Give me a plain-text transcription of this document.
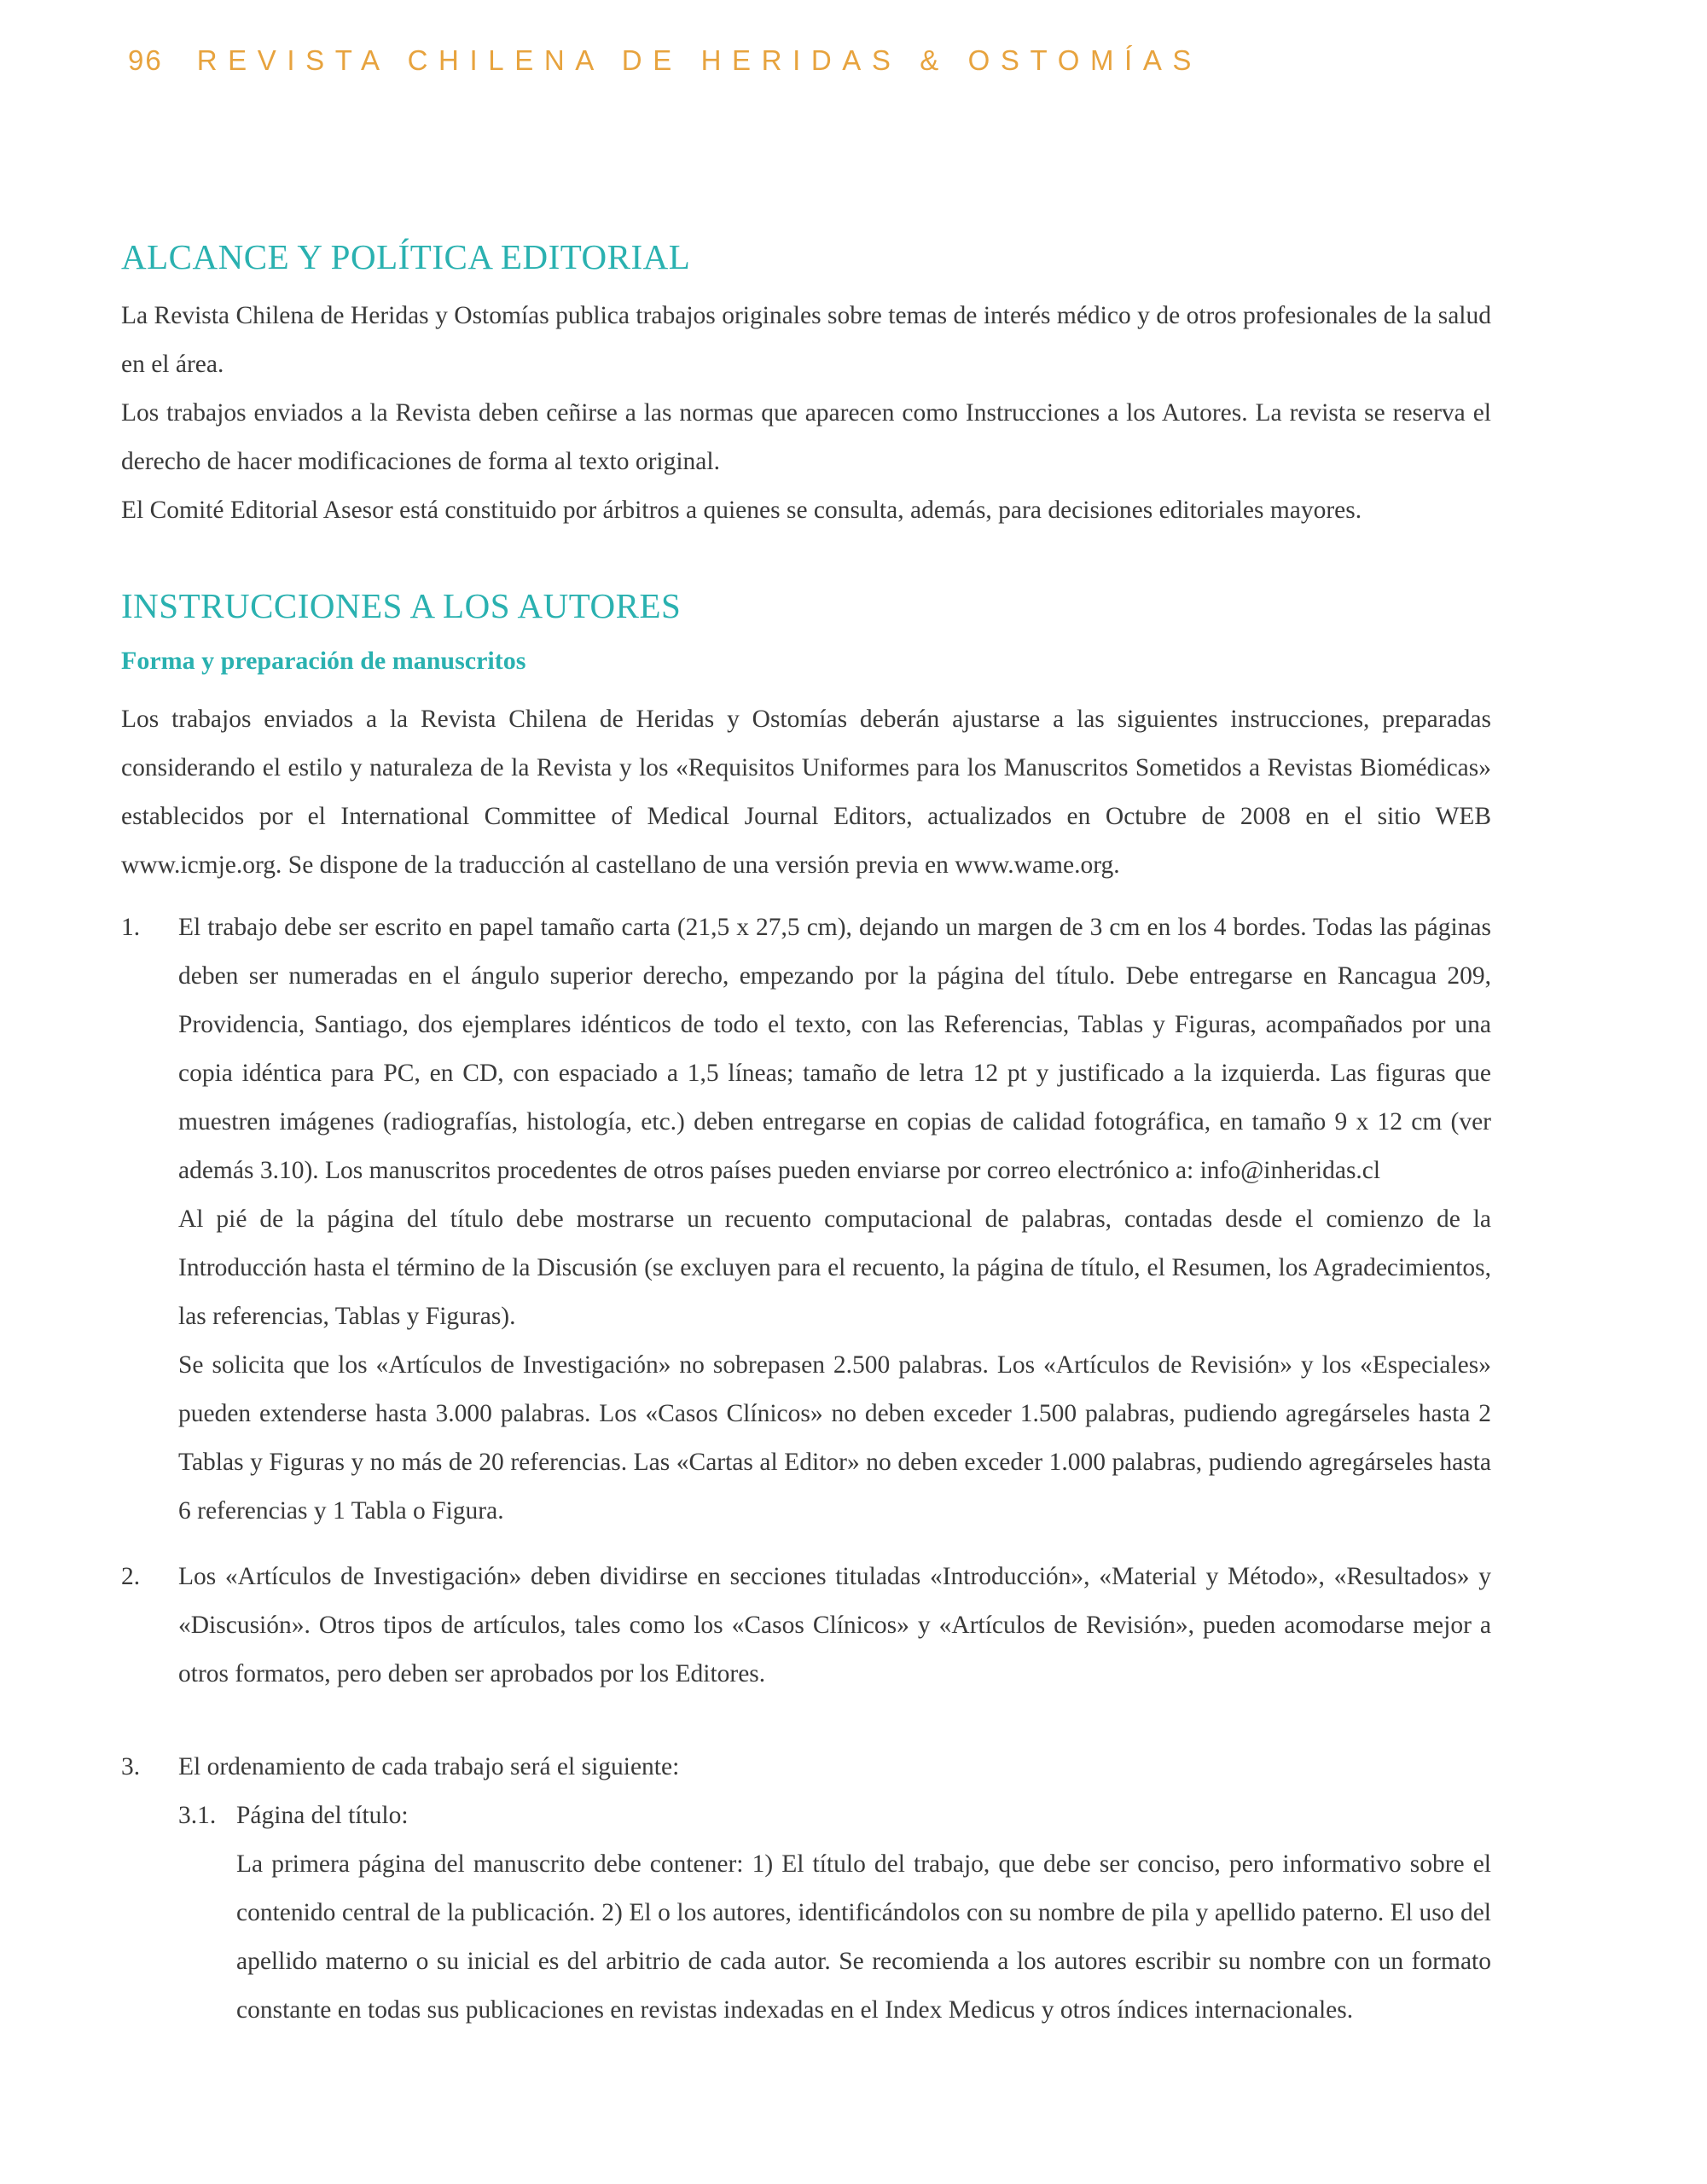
96 REVISTA CHILENA DE HERIDAS & OSTOMÍAS
ALCANCE Y POLÍTICA EDITORIAL

La Revista Chilena de Heridas y Ostomías publica trabajos originales sobre temas de interés médico y de otros profesionales de la salud en el área.

Los trabajos enviados a la Revista deben ceñirse a las normas que aparecen como Instrucciones a los Autores. La revista se reserva el derecho de hacer modificaciones de forma al texto original.

El Comité Editorial Asesor está constituido por árbitros a quienes se consulta, además, para decisiones editoriales mayores.

INSTRUCCIONES A LOS AUTORES

Forma y preparación de manuscritos

Los trabajos enviados a la Revista Chilena de Heridas y Ostomías deberán ajustarse a las siguientes instrucciones, preparadas considerando el estilo y naturaleza de la Revista y los «Requisitos Uniformes para los Manuscritos Sometidos a Revistas Biomédicas» establecidos por el International Committee of Medical Journal Editors, actualizados en Octubre de 2008 en el sitio WEB www.icmje.org. Se dispone de la traducción al castellano de una versión previa en www.wame.org.

1. El trabajo debe ser escrito en papel tamaño carta (21,5 x 27,5 cm), dejando un margen de 3 cm en los 4 bordes. Todas las páginas deben ser numeradas en el ángulo superior derecho, empezando por la página del título. Debe entregarse en Rancagua 209, Providencia, Santiago, dos ejemplares idénticos de todo el texto, con las Referencias, Tablas y Figuras, acompañados por una copia idéntica para PC, en CD, con espaciado a 1,5 líneas; tamaño de letra 12 pt y justificado a la izquierda. Las figuras que muestren imágenes (radiografías, histología, etc.) deben entregarse en copias de calidad fotográfica, en tamaño 9 x 12 cm (ver además 3.10). Los manuscritos procedentes de otros países pueden enviarse por correo electrónico a: info@inheridas.cl

Al pié de la página del título debe mostrarse un recuento computacional de palabras, contadas desde el comienzo de la Introducción hasta el término de la Discusión (se excluyen para el recuento, la página de título, el Resumen, los Agradecimientos, las referencias, Tablas y Figuras).

Se solicita que los «Artículos de Investigación» no sobrepasen 2.500 palabras. Los «Artículos de Revisión» y los «Especiales» pueden extenderse hasta 3.000 palabras. Los «Casos Clínicos» no deben exceder 1.500 palabras, pudiendo agregárseles hasta 2 Tablas y Figuras y no más de 20 referencias. Las «Cartas al Editor» no deben exceder 1.000 palabras, pudiendo agregárseles hasta 6 referencias y 1 Tabla o Figura.

2. Los «Artículos de Investigación» deben dividirse en secciones tituladas «Introducción», «Material y Método», «Resultados» y «Discusión». Otros tipos de artículos, tales como los «Casos Clínicos» y «Artículos de Revisión», pueden acomodarse mejor a otros formatos, pero deben ser aprobados por los Editores.

3. El ordenamiento de cada trabajo será el siguiente:

3.1. Página del título:

La primera página del manuscrito debe contener: 1) El título del trabajo, que debe ser conciso, pero informativo sobre el contenido central de la publicación. 2) El o los autores, identificándolos con su nombre de pila y apellido paterno. El uso del apellido materno o su inicial es del arbitrio de cada autor. Se recomienda a los autores escribir su nombre con un formato constante en todas sus publicaciones en revistas indexadas en el Index Medicus y otros índices internacionales.
